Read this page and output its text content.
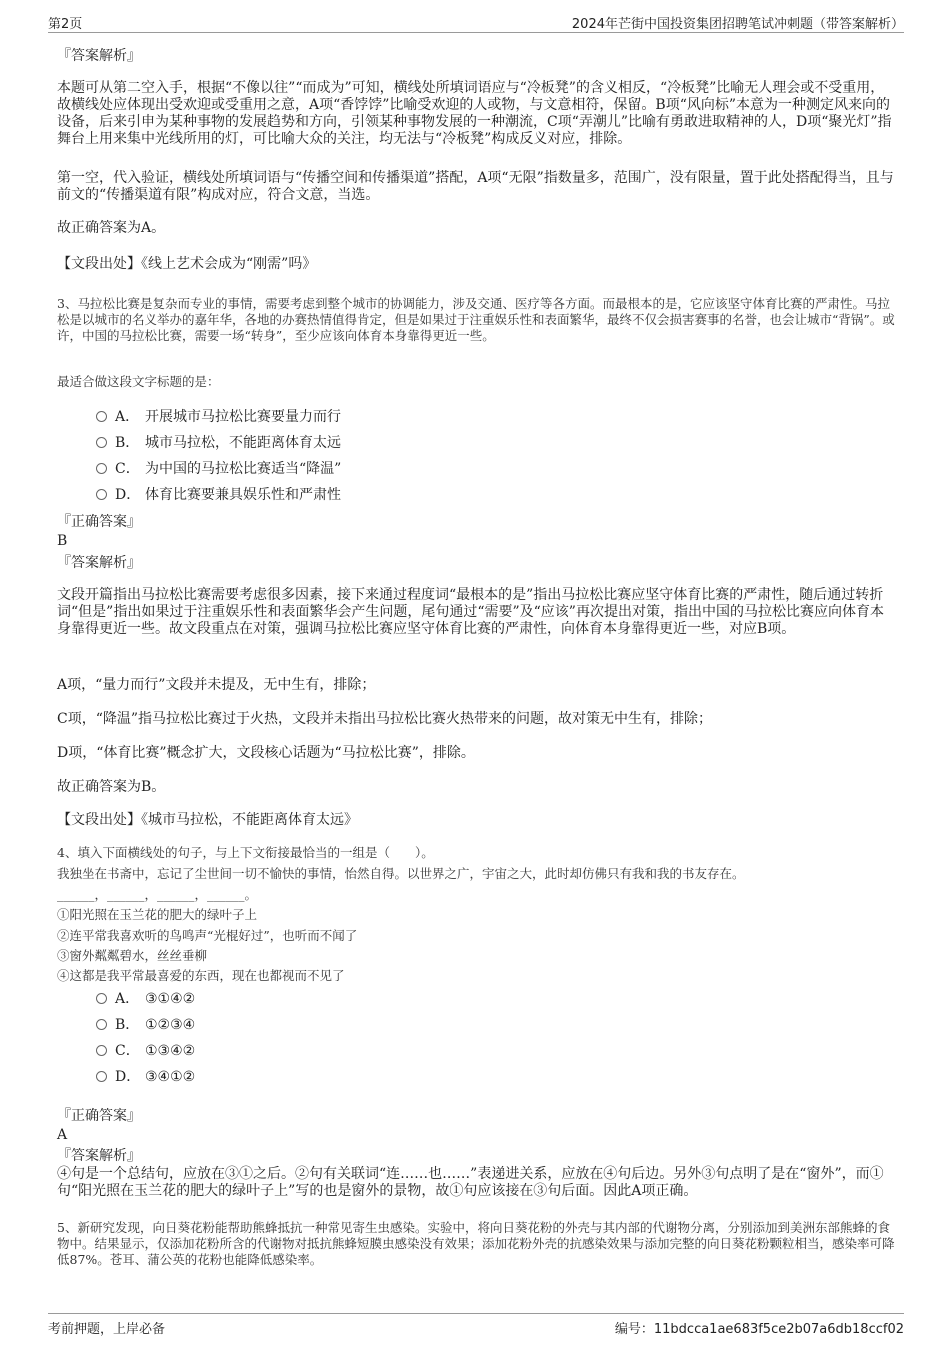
第2页	2024年芒街中国投资集团招聘笔试冲刺题（带答案解析）
『答案解析』
本题可从第二空入手，根据“不像以往”“而成为”可知，横线处所填词语应与“冷板凳”的含义相反，“冷板凳”比喻无人理会或不受重用，故横线处应体现出受欢迎或受重用之意，A项“香饽饽”比喻受欢迎的人或物，与文意相符，保留。B项“风向标”本意为一种测定风来向的设备，后来引申为某种事物的发展趋势和方向，引领某种事物发展的一种潮流，C项“弄潮儿”比喻有勇敢进取精神的人，D项“聚光灯”指舞台上用来集中光线所用的灯，可比喻大众的关注，均无法与“冷板凳”构成反义对应，排除。
第一空，代入验证，横线处所填词语与“传播空间和传播渠道”搭配，A项“无限”指数量多，范围广，没有限量，置于此处搭配得当，且与前文的“传播渠道有限”构成对应，符合文意，当选。
故正确答案为A。
【文段出处】《线上艺术会成为“刚需”吗》
3、马拉松比赛是复杂而专业的事情，需要考虑到整个城市的协调能力，涉及交通、医疗等各方面。而最根本的是，它应该坚守体育比赛的严肃性。马拉松是以城市的名义举办的嘉年华，各地的办赛热情值得肯定，但是如果过于注重娱乐性和表面繁华，最终不仅会损害赛事的名誉，也会让城市“背锅”。或许，中国的马拉松比赛，需要一场“转身”，至少应该向体育本身靠得更近一些。
最适合做这段文字标题的是：
A． 开展城市马拉松比赛要量力而行
B． 城市马拉松，不能距离体育太远
C． 为中国的马拉松比赛适当“降温”
D． 体育比赛要兼具娱乐性和严肃性
『正确答案』
B
『答案解析』
文段开篇指出马拉松比赛需要考虑很多因素，接下来通过程度词“最根本的是”指出马拉松比赛应坚守体育比赛的严肃性，随后通过转折词“但是”指出如果过于注重娱乐性和表面繁华会产生问题，尾句通过“需要”及“应该”再次提出对策，指出中国的马拉松比赛应向体育本身靠得更近一些。故文段重点在对策，强调马拉松比赛应坚守体育比赛的严肃性，向体育本身靠得更近一些，对应B项。
A项，“量力而行”文段并未提及，无中生有，排除；
C项，“降温”指马拉松比赛过于火热，文段并未指出马拉松比赛火热带来的问题，故对策无中生有，排除；
D项，“体育比赛”概念扩大，文段核心话题为“马拉松比赛”，排除。
故正确答案为B。
【文段出处】《城市马拉松，不能距离体育太远》
4、填入下面横线处的句子，与上下文衔接最恰当的一组是（　　）。
我独坐在书斋中，忘记了尘世间一切不愉快的事情，怡然自得。以世界之广，宇宙之大，此时却仿佛只有我和我的书友存在。
______，______，______，______。
①阳光照在玉兰花的肥大的绿叶子上
②连平常我喜欢听的鸟鸣声“光棍好过”，也听而不闻了
③窗外粼粼碧水，丝丝垂柳
④这都是我平常最喜爱的东西，现在也都视而不见了
A． ③①④②
B． ①②③④
C． ①③④②
D． ③④①②
『正确答案』
A
『答案解析』
④句是一个总结句，应放在③①之后。②句有关联词“连……也……”表递进关系，应放在④句后边。另外③句点明了是在“窗外”，而①句“阳光照在玉兰花的肥大的绿叶子上”写的也是窗外的景物，故①句应该接在③句后面。因此A项正确。
5、新研究发现，向日葵花粉能帮助熊蜂抵抗一种常见寄生虫感染。实验中，将向日葵花粉的外壳与其内部的代谢物分离，分别添加到美洲东部熊蜂的食物中。结果显示，仅添加花粉所含的代谢物对抵抗熊蜂短膜虫感染没有效果；添加花粉外壳的抗感染效果与添加完整的向日葵花粉颗粒相当，感染率可降低87%。苍耳、蒲公英的花粉也能降低感染率。
考前押题，上岸必备	编号：11bdcca1ae683f5ce2b07a6db18ccf02
